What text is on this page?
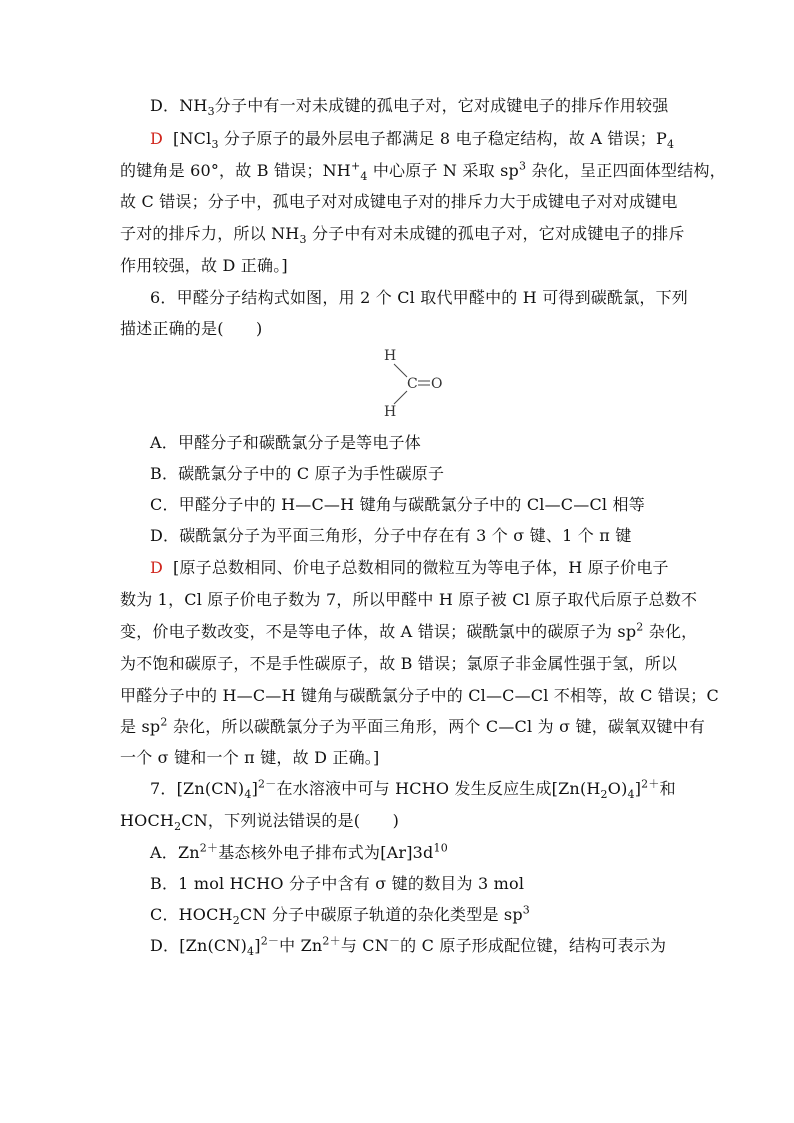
D．$NH_3$分子中有一对未成键的孤电子对，它对成键电子的排斥作用较强
D [NCl$_3$ 分子原子的最外层电子都满足 8 电子稳定结构，故 A 错误；$P_4$
的键角是 60°，故 B 错误；$NH^+_4$ 中心原子 N 采取 $sp^3$ 杂化，呈正四面体型结构，
故 C 错误；分子中，孤电子对对成键电子对的排斥力大于成键电子对对成键电
子对的排斥力，所以 $NH_3$ 分子中有对未成键的孤电子对，它对成键电子的排斥
作用较强，故 D 正确。]
6．甲醛分子结构式如图，用 2 个 Cl 取代甲醛中的 H 可得到碳酰氯，下列
描述正确的是(　　)
H
C O
H
A．甲醛分子和碳酰氯分子是等电子体
B．碳酰氯分子中的 C 原子为手性碳原子
C．甲醛分子中的 H—C—H 键角与碳酰氯分子中的 Cl—C—Cl 相等
D．碳酰氯分子为平面三角形，分子中存在有 3 个 σ 键、1 个 π 键
D [原子总数相同、价电子总数相同的微粒互为等电子体，H 原子价电子
数为 1，Cl 原子价电子数为 7，所以甲醛中 H 原子被 Cl 原子取代后原子总数不
变，价电子数改变，不是等电子体，故 A 错误；碳酰氯中的碳原子为 $sp^2$ 杂化，
为不饱和碳原子，不是手性碳原子，故 B 错误；氯原子非金属性强于氢，所以
甲醛分子中的 H—C—H 键角与碳酰氯分子中的 Cl—C—Cl 不相等，故 C 错误；C
是 $sp^2$ 杂化，所以碳酰氯分子为平面三角形，两个 C—Cl 为 σ 键，碳氧双键中有
一个 σ 键和一个 π 键，故 D 正确。]
7．$[Zn(CN)_4]^{2-}$在水溶液中可与 HCHO 发生反应生成$[Zn(H_2O)_4]^{2+}$和
$HOCH_2CN$，下列说法错误的是(　　)
A．$Zn^{2+}$基态核外电子排布式为$[Ar]3d^{10}$
B．1 mol HCHO 分子中含有 σ 键的数目为 3 mol
C．$HOCH_2CN$ 分子中碳原子轨道的杂化类型是 $sp^3$
D．$[Zn(CN)_4]^{2-}$中 $Zn^{2+}$与 CN－的 C 原子形成配位键，结构可表示为
